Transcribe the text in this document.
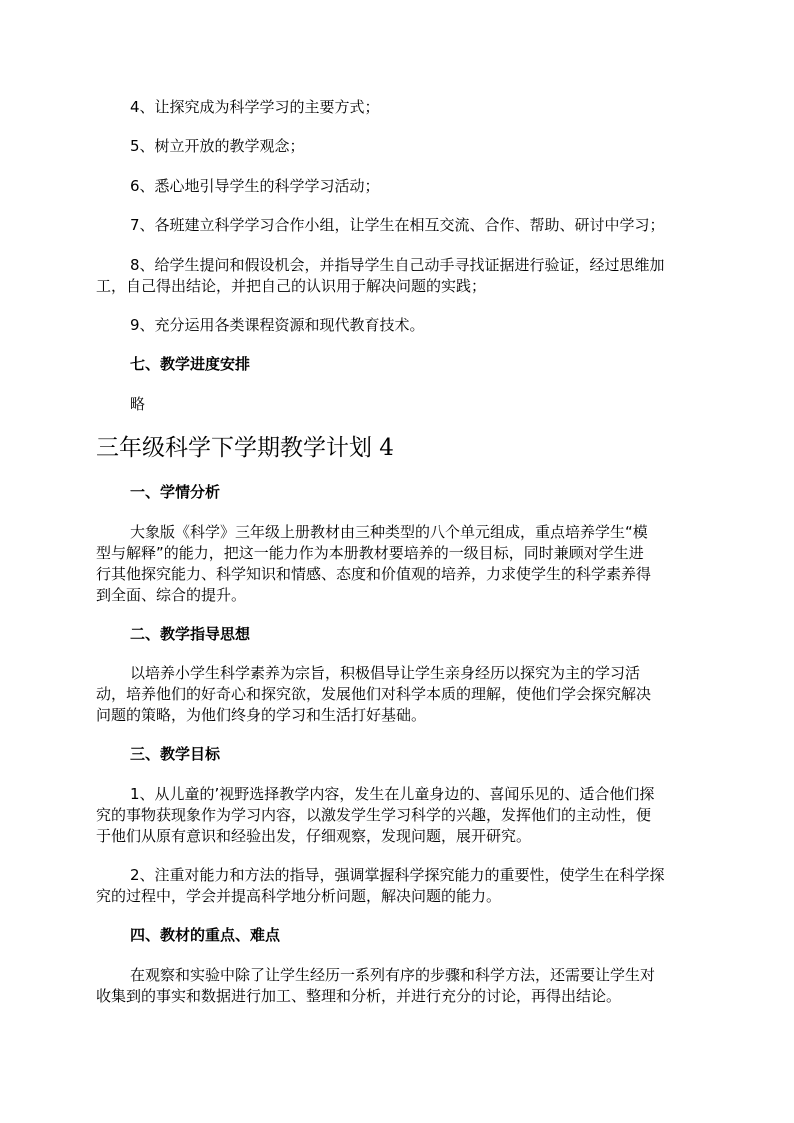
4、让探究成为科学学习的主要方式；
5、树立开放的教学观念；
6、悉心地引导学生的科学学习活动；
7、各班建立科学学习合作小组，让学生在相互交流、合作、帮助、研讨中学习；
8、给学生提问和假设机会，并指导学生自己动手寻找证据进行验证，经过思维加
工，自己得出结论，并把自己的认识用于解决问题的实践；
9、充分运用各类课程资源和现代教育技术。
七、教学进度安排
略
三年级科学下学期教学计划 4
一、学情分析
大象版《科学》三年级上册教材由三种类型的八个单元组成，重点培养学生“模
型与解释”的能力，把这一能力作为本册教材要培养的一级目标，同时兼顾对学生进
行其他探究能力、科学知识和情感、态度和价值观的培养，力求使学生的科学素养得
到全面、综合的提升。
二、教学指导思想
以培养小学生科学素养为宗旨，积极倡导让学生亲身经历以探究为主的学习活
动，培养他们的好奇心和探究欲，发展他们对科学本质的理解，使他们学会探究解决
问题的策略，为他们终身的学习和生活打好基础。
三、教学目标
1、从儿童的’视野选择教学内容，发生在儿童身边的、喜闻乐见的、适合他们探
究的事物获现象作为学习内容，以激发学生学习科学的兴趣，发挥他们的主动性，便
于他们从原有意识和经验出发，仔细观察，发现问题，展开研究。
2、注重对能力和方法的指导，强调掌握科学探究能力的重要性，使学生在科学探
究的过程中，学会并提高科学地分析问题，解决问题的能力。
四、教材的重点、难点
在观察和实验中除了让学生经历一系列有序的步骤和科学方法，还需要让学生对
收集到的事实和数据进行加工、整理和分析，并进行充分的讨论，再得出结论。
